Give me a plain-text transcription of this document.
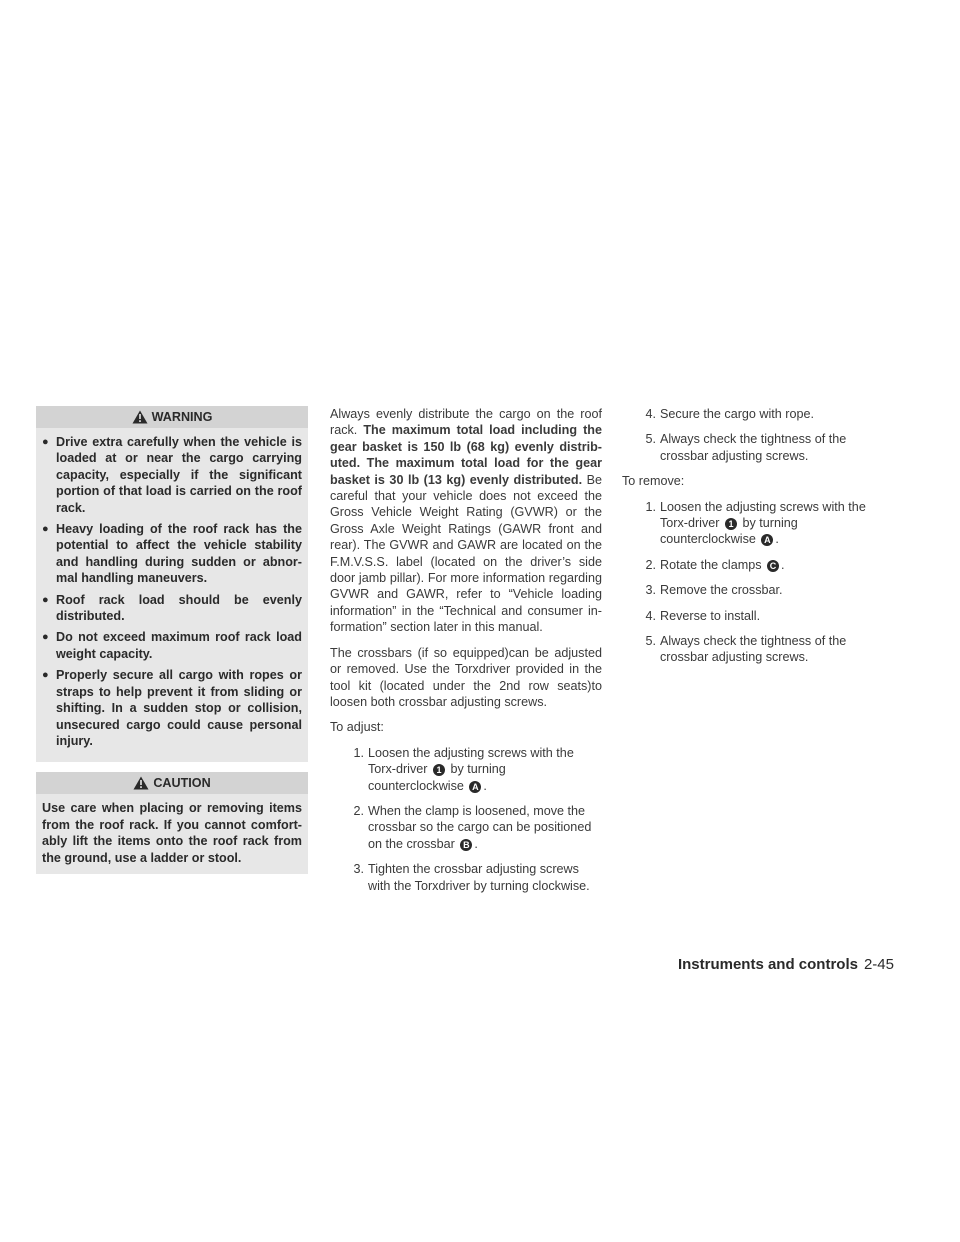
WARNING
● Drive extra carefully when the vehicle is loaded at or near the cargo carrying capacity, especially if the significant portion of that load is carried on the roof rack.
● Heavy loading of the roof rack has the potential to affect the vehicle stability and handling during sudden or abnor-mal handling maneuvers.
● Roof rack load should be evenly distributed.
● Do not exceed maximum roof rack load weight capacity.
● Properly secure all cargo with ropes or straps to help prevent it from sliding or shifting. In a sudden stop or collision, unsecured cargo could cause personal injury.
CAUTION
Use care when placing or removing items from the roof rack. If you cannot comfort-ably lift the items onto the roof rack from the ground, use a ladder or stool.

Always evenly distribute the cargo on the roof rack. The maximum total load including the gear basket is 150 lb (68 kg) evenly distrib-uted. The maximum total load for the gear basket is 30 lb (13 kg) evenly distributed. Be careful that your vehicle does not exceed the Gross Vehicle Weight Rating (GVWR) or the Gross Axle Weight Ratings (GAWR front and rear). The GVWR and GAWR are located on the F.M.V.S.S. label (located on the driver’s side door jamb pillar). For more information regarding GVWR and GAWR, refer to “Vehicle loading information” in the “Technical and consumer in-formation” section later in this manual.

The crossbars (if so equipped)can be adjusted or removed. Use the Torxdriver provided in the tool kit (located under the 2nd row seats)to loosen both crossbar adjusting screws.

To adjust:
1. Loosen the adjusting screws with the Torx-driver 1 by turning counterclockwise A .
2. When the clamp is loosened, move the crossbar so the cargo can be positioned on the crossbar B .
3. Tighten the crossbar adjusting screws with the Torxdriver by turning clockwise.
4. Secure the cargo with rope.
5. Always check the tightness of the crossbar adjusting screws.
To remove:
1. Loosen the adjusting screws with the Torx-driver 1 by turning counterclockwise A .
2. Rotate the clamps C .
3. Remove the crossbar.
4. Reverse to install.
5. Always check the tightness of the crossbar adjusting screws.
Instruments and controls 2-45
